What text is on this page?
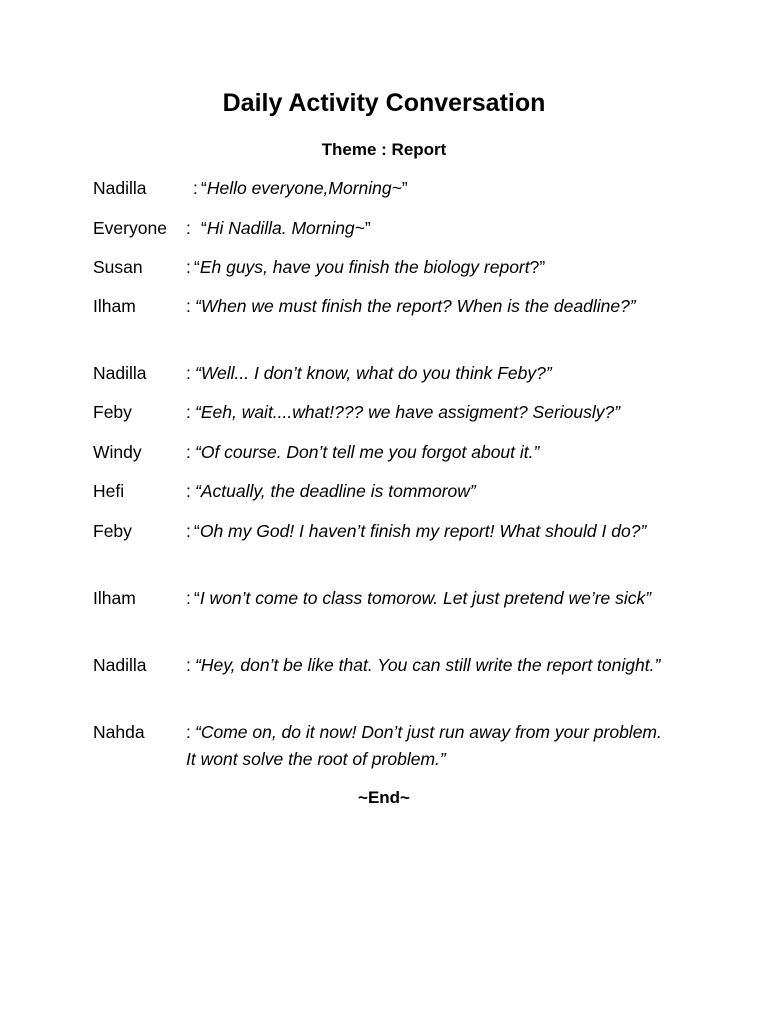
Daily Activity Conversation
Theme : Report
Nadilla	: “Hello everyone,Morning~”
Everyone : “Hi Nadilla. Morning~”
Susan : “Eh guys, have you finish the biology report?”
Ilham	: “When we must finish the report? When is the deadline?”
Nadilla : “Well... I don’t know, what do you think Feby?”
Feby	: “Eeh, wait....what!??? we have assigment? Seriously?”
Windy	: “Of course. Don’t tell me you forgot about it.”
Hefi	: “Actually, the deadline is tommorow”
Feby	: “Oh my God! I haven’t finish my report! What should I do?”
Ilham	: “I won’t come to class tomorow. Let just pretend we’re sick”
Nadilla : “Hey, don’t be like that. You can still write the report tonight.”
Nahda : “Come on, do it now! Don’t just run away from your problem. It wont solve the root of problem.”
~End~
